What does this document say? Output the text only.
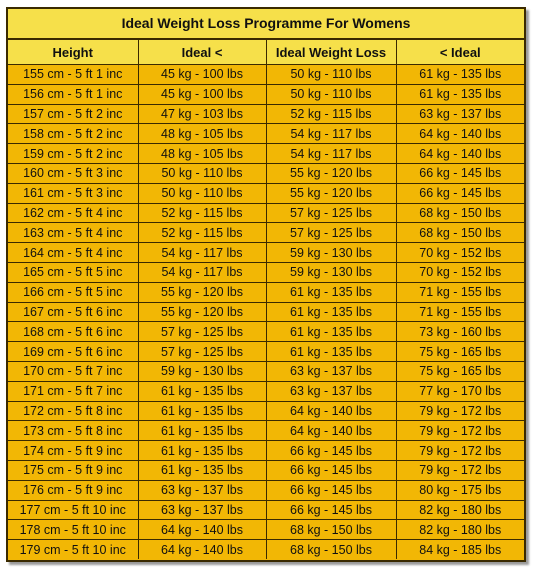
Ideal Weight Loss Programme For Womens
Height	Ideal <	Ideal Weight Loss	< Ideal
155 cm - 5 ft 1 inc	45 kg - 100 lbs	50 kg - 110 lbs	61 kg - 135 lbs
156 cm - 5 ft 1 inc	45 kg - 100 lbs	50 kg - 110 lbs	61 kg - 135 lbs
157 cm - 5 ft 2 inc	47 kg - 103 lbs	52 kg - 115 lbs	63 kg - 137 lbs
158 cm - 5 ft 2 inc	48 kg - 105 lbs	54 kg - 117 lbs	64 kg - 140 lbs
159 cm - 5 ft 2 inc	48 kg - 105 lbs	54 kg - 117 lbs	64 kg - 140 lbs
160 cm - 5 ft 3 inc	50 kg - 110 lbs	55 kg - 120 lbs	66 kg - 145 lbs
161 cm - 5 ft 3 inc	50 kg - 110 lbs	55 kg - 120 lbs	66 kg - 145 lbs
162 cm - 5 ft 4 inc	52 kg - 115 lbs	57 kg - 125 lbs	68 kg - 150 lbs
163 cm - 5 ft 4 inc	52 kg - 115 lbs	57 kg - 125 lbs	68 kg - 150 lbs
164 cm - 5 ft 4 inc	54 kg - 117 lbs	59 kg - 130 lbs	70 kg - 152 lbs
165 cm - 5 ft 5 inc	54 kg - 117 lbs	59 kg - 130 lbs	70 kg - 152 lbs
166 cm - 5 ft 5 inc	55 kg - 120 lbs	61 kg - 135 lbs	71 kg - 155 lbs
167 cm - 5 ft 6 inc	55 kg - 120 lbs	61 kg - 135 lbs	71 kg - 155 lbs
168 cm - 5 ft 6 inc	57 kg - 125 lbs	61 kg - 135 lbs	73 kg - 160 lbs
169 cm - 5 ft 6 inc	57 kg - 125 lbs	61 kg - 135 lbs	75 kg - 165 lbs
170 cm - 5 ft 7 inc	59 kg - 130 lbs	63 kg - 137 lbs	75 kg - 165 lbs
171 cm - 5 ft 7 inc	61 kg - 135 lbs	63 kg - 137 lbs	77 kg - 170 lbs
172 cm - 5 ft 8 inc	61 kg - 135 lbs	64 kg - 140 lbs	79 kg - 172 lbs
173 cm - 5 ft 8 inc	61 kg - 135 lbs	64 kg - 140 lbs	79 kg - 172 lbs
174 cm - 5 ft 9 inc	61 kg - 135 lbs	66 kg - 145 lbs	79 kg - 172 lbs
175 cm - 5 ft 9 inc	61 kg - 135 lbs	66 kg - 145 lbs	79 kg - 172 lbs
176 cm - 5 ft 9 inc	63 kg - 137 lbs	66 kg - 145 lbs	80 kg - 175 lbs
177 cm - 5 ft 10 inc	63 kg - 137 lbs	66 kg - 145 lbs	82 kg - 180 lbs
178 cm - 5 ft 10 inc	64 kg - 140 lbs	68 kg - 150 lbs	82 kg - 180 lbs
179 cm - 5 ft 10 inc	64 kg - 140 lbs	68 kg - 150 lbs	84 kg - 185 lbs
